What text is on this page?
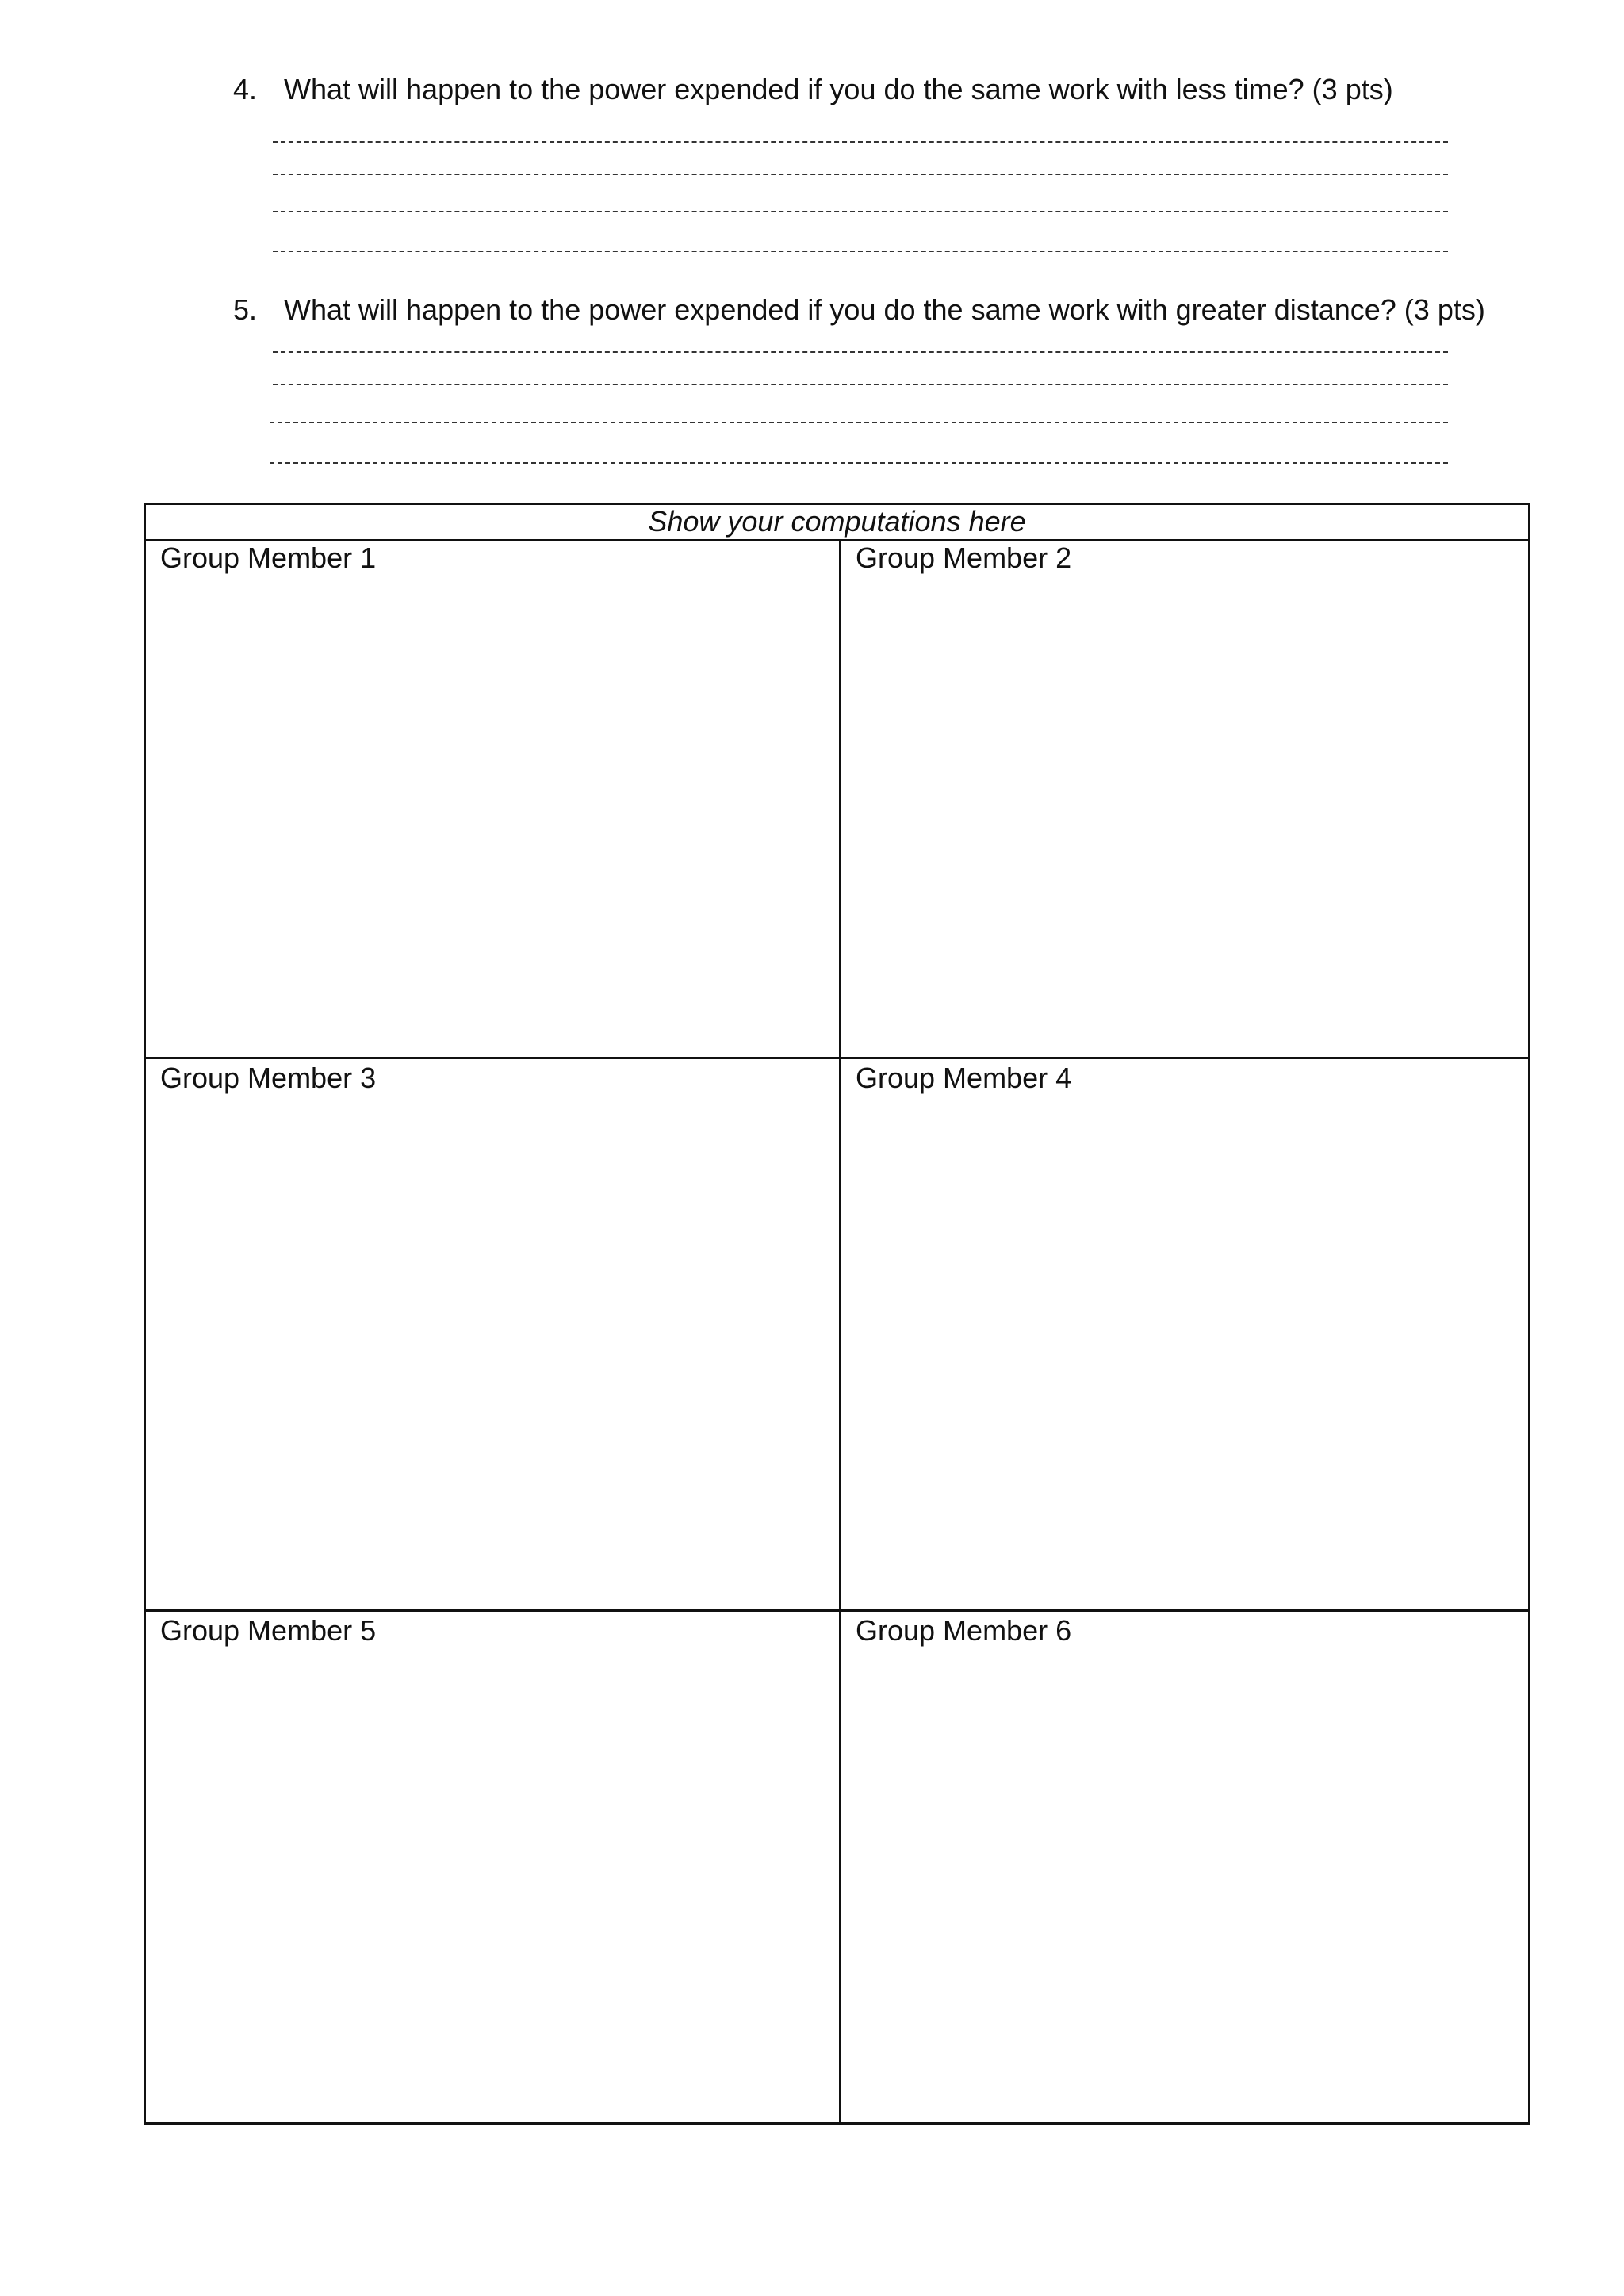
4. What will happen to the power expended if you do the same work with less time? (3 pts)
5. What will happen to the power expended if you do the same work with greater distance? (3 pts)
Show your computations here
Group Member 1	Group Member 2
Group Member 3	Group Member 4
Group Member 5	Group Member 6
